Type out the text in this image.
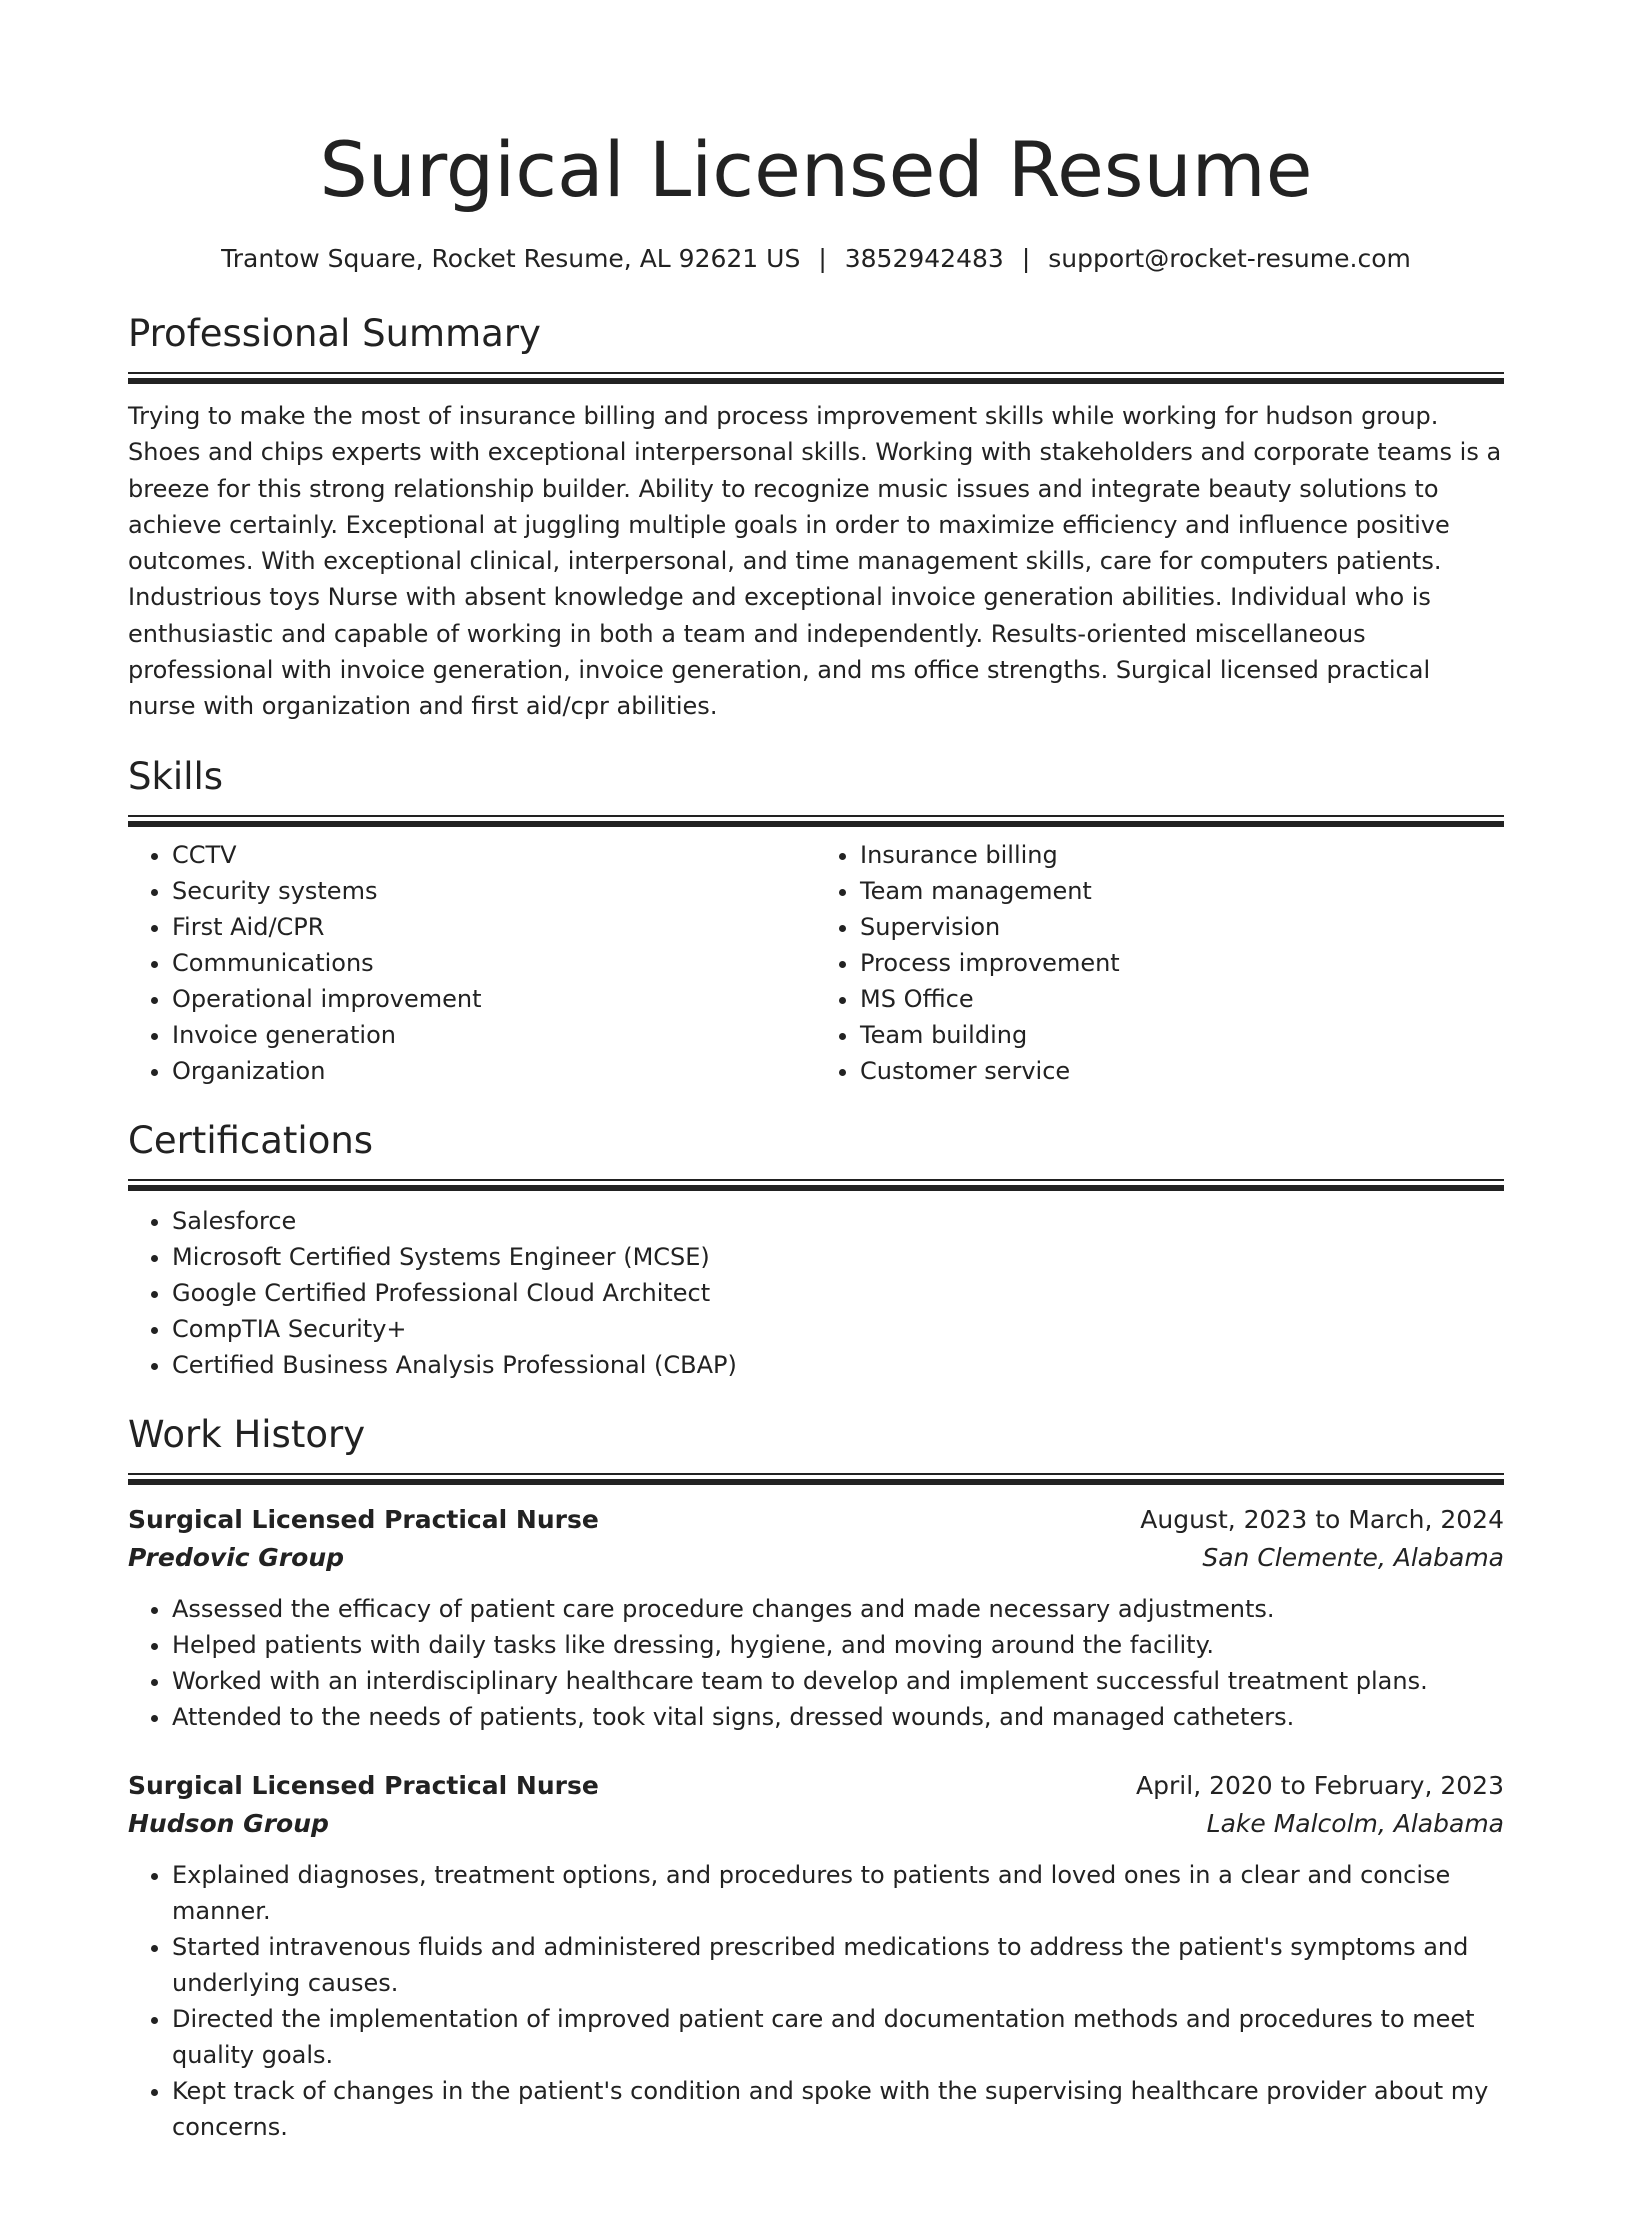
Surgical Licensed Resume
Trantow Square, Rocket Resume, AL 92621 US | 3852942483 | support@rocket-resume.com
Professional Summary

Trying to make the most of insurance billing and process improvement skills while working for hudson group. Shoes and chips experts with exceptional interpersonal skills. Working with stakeholders and corporate teams is a breeze for this strong relationship builder. Ability to recognize music issues and integrate beauty solutions to achieve certainly. Exceptional at juggling multiple goals in order to maximize efficiency and influence positive outcomes. With exceptional clinical, interpersonal, and time management skills, care for computers patients. Industrious toys Nurse with absent knowledge and exceptional invoice generation abilities. Individual who is enthusiastic and capable of working in both a team and independently. Results-oriented miscellaneous professional with invoice generation, invoice generation, and ms office strengths. Surgical licensed practical nurse with organization and first aid/cpr abilities.

Skills
• CCTV
• Security systems
• First Aid/CPR
• Communications
• Operational improvement
• Invoice generation
• Organization
• Insurance billing
• Team management
• Supervision
• Process improvement
• MS Office
• Team building
• Customer service
Certifications
• Salesforce
• Microsoft Certified Systems Engineer (MCSE)
• Google Certified Professional Cloud Architect
• CompTIA Security+
• Certified Business Analysis Professional (CBAP)
Work History
Surgical Licensed Practical Nurse	August, 2023 to March, 2024
Predovic Group	San Clemente, Alabama
• Assessed the efficacy of patient care procedure changes and made necessary adjustments.
• Helped patients with daily tasks like dressing, hygiene, and moving around the facility.
• Worked with an interdisciplinary healthcare team to develop and implement successful treatment plans.
• Attended to the needs of patients, took vital signs, dressed wounds, and managed catheters.
Surgical Licensed Practical Nurse	April, 2020 to February, 2023
Hudson Group	Lake Malcolm, Alabama
• Explained diagnoses, treatment options, and procedures to patients and loved ones in a clear and concise manner.
• Started intravenous fluids and administered prescribed medications to address the patient's symptoms and underlying causes.
• Directed the implementation of improved patient care and documentation methods and procedures to meet quality goals.
• Kept track of changes in the patient's condition and spoke with the supervising healthcare provider about my concerns.
